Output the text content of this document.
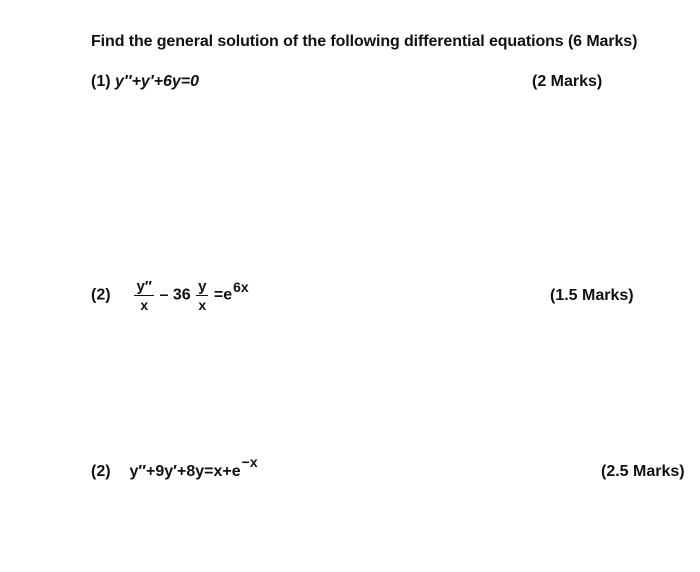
Find the general solution of the following differential equations (6 Marks)
(1) y′′+y′+6y=0	(2 Marks)
$(2) \frac{y''}{x} - 36 \frac{y}{x} =e6x$
(1.5 Marks)
(2) y′′+9y′+8y=x+e−x
(2.5 Marks)
